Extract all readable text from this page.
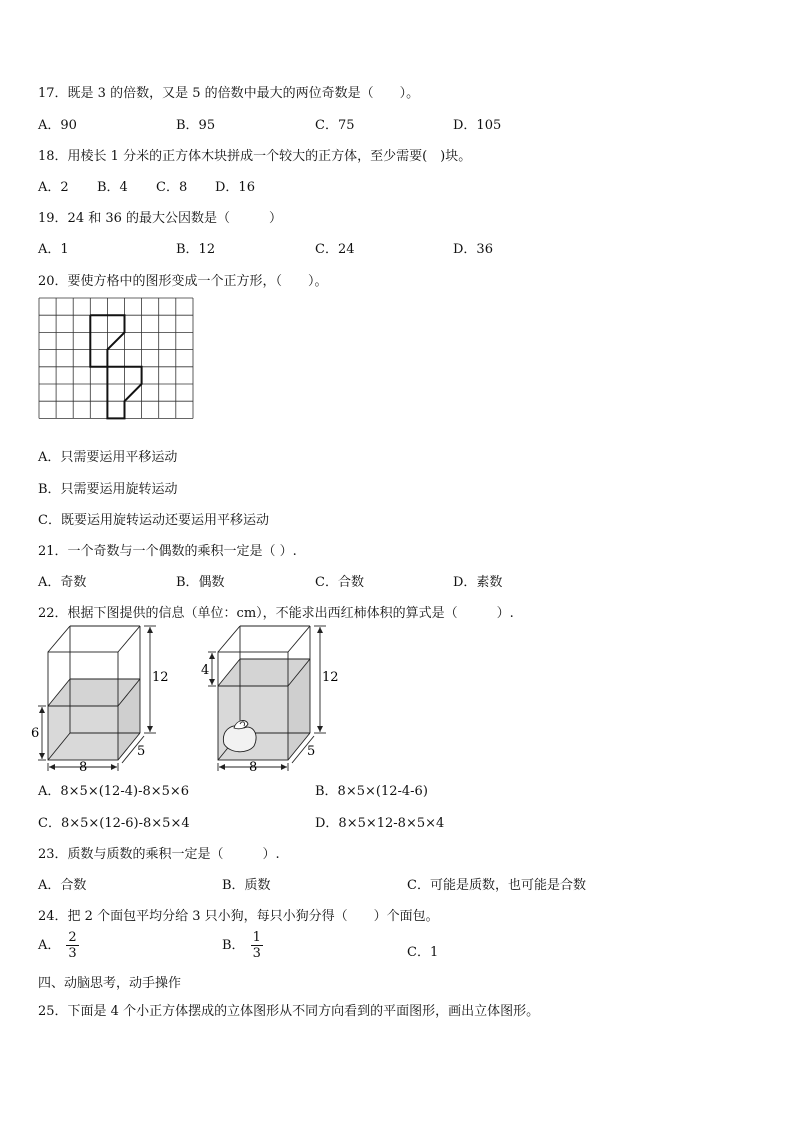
17．既是 3 的倍数，又是 5 的倍数中最大的两位奇数是（　　）。
A．90	B．95	C．75	D．105
18．用棱长 1 分米的正方体木块拼成一个较大的正方体，至少需要(　)块。
A．2 B．4 C．8 D．16
19．24 和 36 的最大公因数是（　　　）
A．1	B．12	C．24	D．36
20．要使方格中的图形变成一个正方形，（　　）。
A．只需要运用平移运动
B．只需要运用旋转运动
C．既要运用旋转运动还要运用平移运动
21．一个奇数与一个偶数的乘积一定是（ ）.
A．奇数	B．偶数	C．合数	D．素数
22．根据下图提供的信息（单位：cm），不能求出西红柿体积的算式是（　　　）.
12
6
8
5
12
4
8
5
A．8×5×(12-4)-8×5×6	B．8×5×(12-4-6)
C．8×5×(12-6)-8×5×4	D．8×5×12-8×5×4
23．质数与质数的乘积一定是（　　　）.
A．合数	B．质数	C．可能是质数，也可能是合数
24．把 2 个面包平均分给 3 只小狗，每只小狗分得（　　）个面包。
A． $\frac{2}{3}$	B． $\frac{1}{3}$	C．1
四、动脑思考，动手操作
25．下面是 4 个小正方体摆成的立体图形从不同方向看到的平面图形，画出立体图形。
